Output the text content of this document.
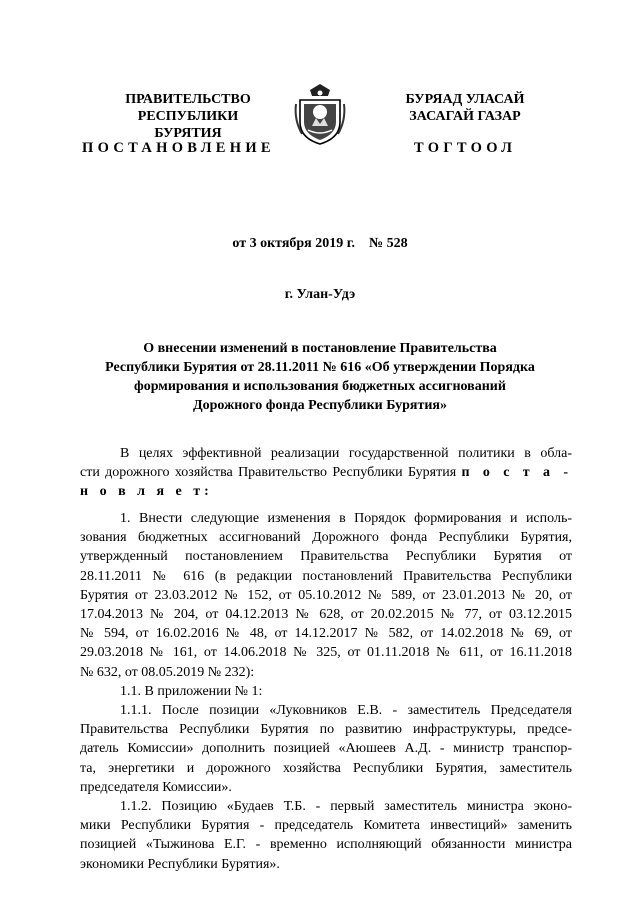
ПРАВИТЕЛЬСТВО
РЕСПУБЛИКИ БУРЯТИЯ
БУРЯАД УЛАСАЙ
ЗАСАГАЙ ГАЗАР
ПОСТАНОВЛЕНИЕ	ТОГТООЛ
от 3 октября 2019 г.    № 528
г. Улан-Удэ
О внесении изменений в постановление Правительства
Республики Бурятия от 28.11.2011 № 616 «Об утверждении Порядка
формирования и использования бюджетных ассигнований
Дорожного фонда Республики Бурятия»
В целях эффективной реализации государственной политики в обла-
сти дорожного хозяйства Правительство Республики Бурятия п о с т а -
н о в л я е т:
1. Внести следующие изменения в Порядок формирования и исполь-
зования бюджетных ассигнований Дорожного фонда Республики Бурятия,
утвержденный постановлением Правительства Республики Бурятия от
28.11.2011 № 616 (в редакции постановлений Правительства Республики
Бурятия от 23.03.2012 № 152, от 05.10.2012 № 589, от 23.01.2013 № 20, от
17.04.2013 № 204, от 04.12.2013 № 628, от 20.02.2015 № 77, от 03.12.2015
№ 594, от 16.02.2016 № 48, от 14.12.2017 № 582, от 14.02.2018 № 69, от
29.03.2018 № 161, от 14.06.2018 № 325, от 01.11.2018 № 611, от 16.11.2018
№ 632, от 08.05.2019 № 232):
1.1. В приложении № 1:
1.1.1. После позиции «Луковников Е.В. - заместитель Председателя
Правительства Республики Бурятия по развитию инфраструктуры, предсе-
датель Комиссии» дополнить позицией «Аюшеев А.Д. - министр транспор-
та, энергетики и дорожного хозяйства Республики Бурятия, заместитель
председателя Комиссии».
1.1.2. Позицию «Будаев Т.Б. - первый заместитель министра эконо-
мики Республики Бурятия - председатель Комитета инвестиций» заменить
позицией «Тыжинова Е.Г. - временно исполняющий обязанности министра
экономики Республики Бурятия».
